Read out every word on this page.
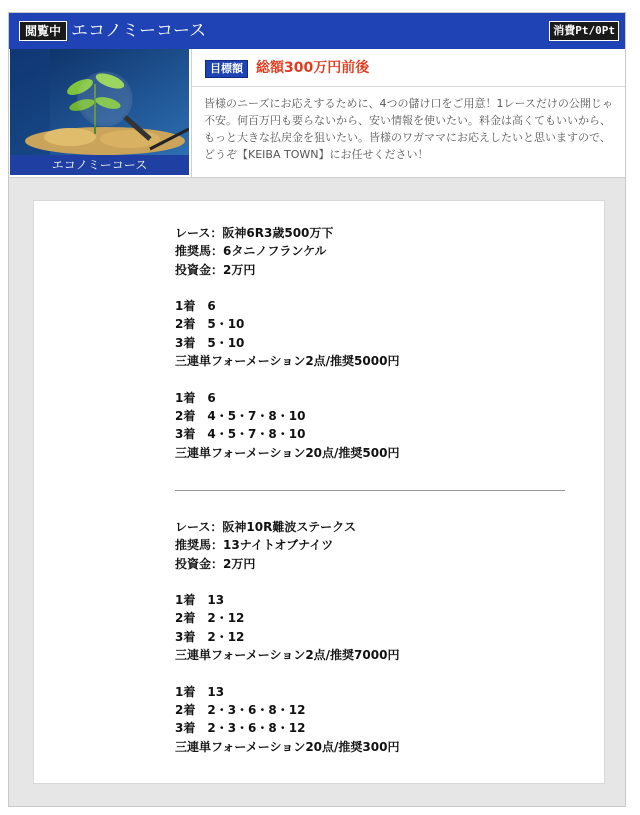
閲覧中 エコノミーコース	消費Pt/0Pt
エコノミーコース
目標額 総額300万円前後
皆様のニーズにお応えするために、4つの儲け口をご用意！1レースだけの公開じゃ不安。何百万円も要らないから、安い情報を使いたい。料金は高くてもいいから、もっと大きな払戻金を狙いたい。皆様のワガママにお応えしたいと思いますので、どうぞ【KEIBA TOWN】にお任せください！
レース：阪神6R3歳500万下
推奨馬：6タニノフランケル
投資金：2万円

1着　6
2着　5・10
3着　5・10
三連単フォーメーション2点/推奨5000円

1着　6
2着　4・5・7・8・10
3着　4・5・7・8・10
三連単フォーメーション20点/推奨500円
レース：阪神10R難波ステークス
推奨馬：13ナイトオブナイツ
投資金：2万円

1着　13
2着　2・12
3着　2・12
三連単フォーメーション2点/推奨7000円

1着　13
2着　2・3・6・8・12
3着　2・3・6・8・12
三連単フォーメーション20点/推奨300円
